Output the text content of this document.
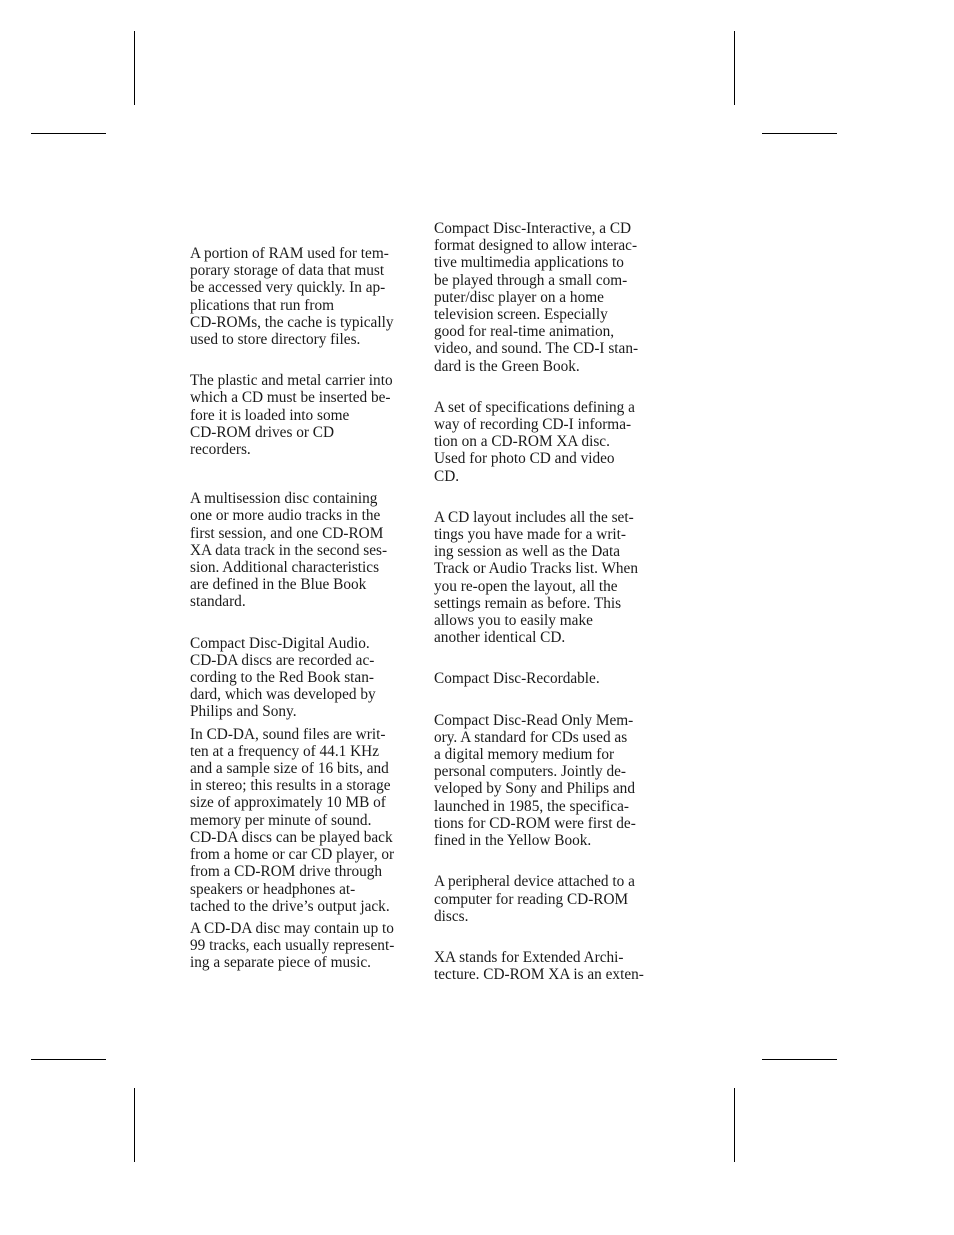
A portion of RAM used for tem-
porary storage of data that must
be accessed very quickly. In ap-
plications that run from
CD-ROMs, the cache is typically
used to store directory files.

The plastic and metal carrier into
which a CD must be inserted be-
fore it is loaded into some
CD-ROM drives or CD
recorders.

A multisession disc containing
one or more audio tracks in the
first session, and one CD-ROM
XA data track in the second ses-
sion. Additional characteristics
are defined in the Blue Book
standard.

Compact Disc-Digital Audio.
CD-DA discs are recorded ac-
cording to the Red Book stan-
dard, which was developed by
Philips and Sony.

In CD-DA, sound files are writ-
ten at a frequency of 44.1 KHz
and a sample size of 16 bits, and
in stereo; this results in a storage
size of approximately 10 MB of
memory per minute of sound.
CD-DA discs can be played back
from a home or car CD player, or
from a CD-ROM drive through
speakers or headphones at-
tached to the drive’s output jack.

A CD-DA disc may contain up to
99 tracks, each usually represent-
ing a separate piece of music.

Compact Disc-Interactive, a CD
format designed to allow interac-
tive multimedia applications to
be played through a small com-
puter/disc player on a home
television screen. Especially
good for real-time animation,
video, and sound. The CD-I stan-
dard is the Green Book.

A set of specifications defining a
way of recording CD-I informa-
tion on a CD-ROM XA disc.
Used for photo CD and video
CD.

A CD layout includes all the set-
tings you have made for a writ-
ing session as well as the Data
Track or Audio Tracks list. When
you re-open the layout, all the
settings remain as before. This
allows you to easily make
another identical CD.

Compact Disc-Recordable.

Compact Disc-Read Only Mem-
ory. A standard for CDs used as
a digital memory medium for
personal computers. Jointly de-
veloped by Sony and Philips and
launched in 1985, the specifica-
tions for CD-ROM were first de-
fined in the Yellow Book.

A peripheral device attached to a
computer for reading CD-ROM
discs.

XA stands for Extended Archi-
tecture. CD-ROM XA is an exten-
